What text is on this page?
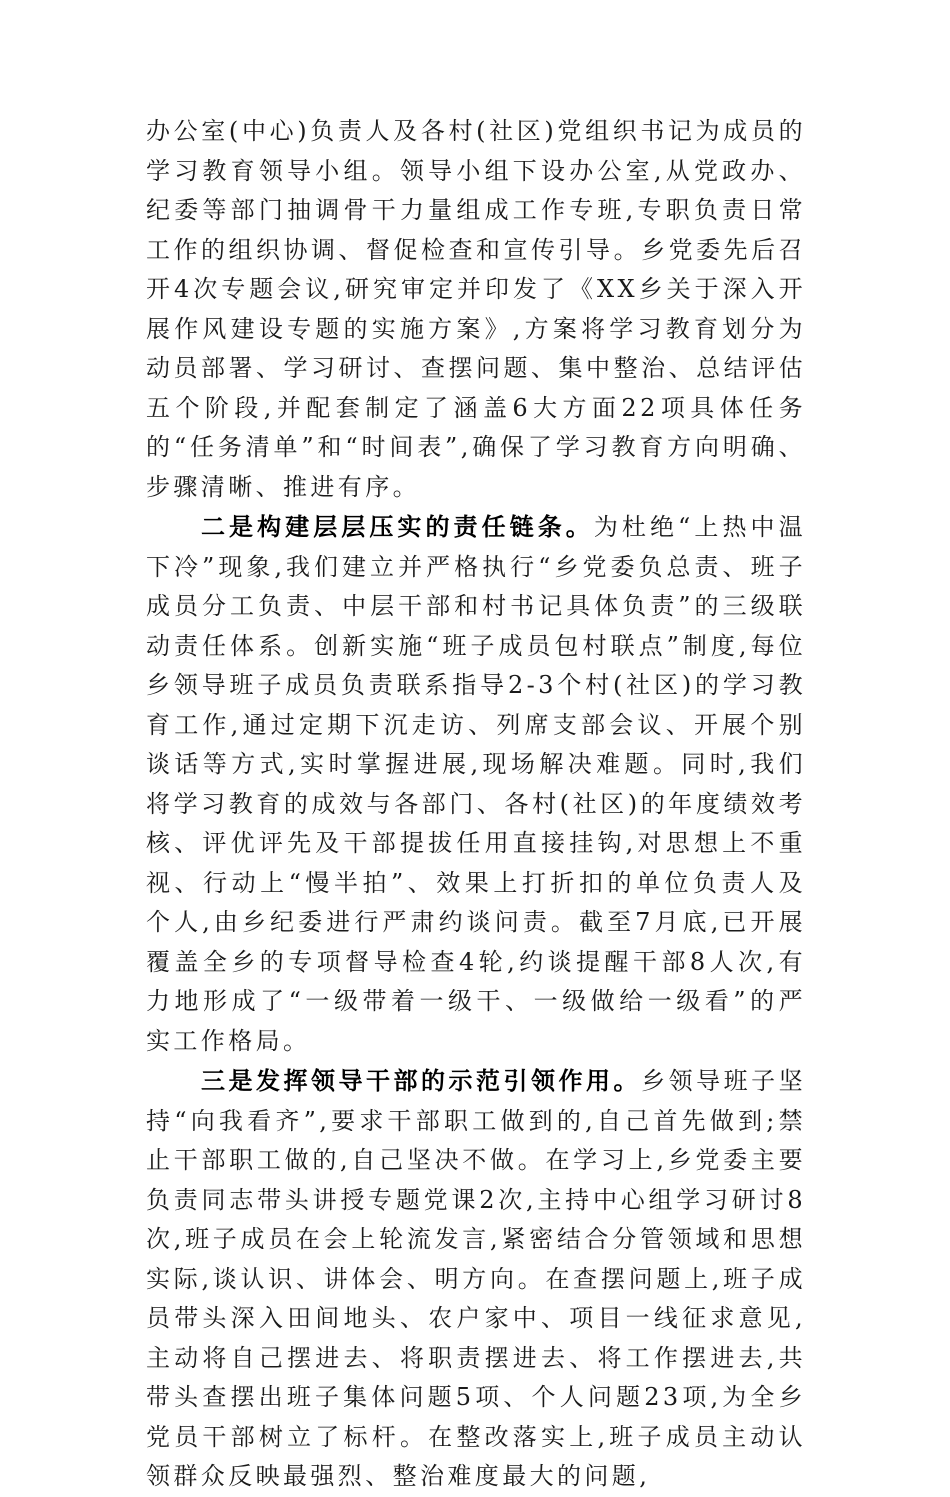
办公室(中心)负责人及各村(社区)党组织书记为成员的学习教育领导小组。领导小组下设办公室,从党政办、纪委等部门抽调骨干力量组成工作专班,专职负责日常工作的组织协调、督促检查和宣传引导。乡党委先后召开4次专题会议,研究审定并印发了《XX乡关于深入开展作风建设专题的实施方案》,方案将学习教育划分为动员部署、学习研讨、查摆问题、集中整治、总结评估五个阶段,并配套制定了涵盖6大方面22项具体任务的“任务清单”和“时间表”,确保了学习教育方向明确、步骤清晰、推进有序。

二是构建层层压实的责任链条。为杜绝“上热中温下冷”现象,我们建立并严格执行“乡党委负总责、班子成员分工负责、中层干部和村书记具体负责”的三级联动责任体系。创新实施“班子成员包村联点”制度,每位乡领导班子成员负责联系指导2-3个村(社区)的学习教育工作,通过定期下沉走访、列席支部会议、开展个别谈话等方式,实时掌握进展,现场解决难题。同时,我们将学习教育的成效与各部门、各村(社区)的年度绩效考核、评优评先及干部提拔任用直接挂钩,对思想上不重视、行动上“慢半拍”、效果上打折扣的单位负责人及个人,由乡纪委进行严肃约谈问责。截至7月底,已开展覆盖全乡的专项督导检查4轮,约谈提醒干部8人次,有力地形成了“一级带着一级干、一级做给一级看”的严实工作格局。

三是发挥领导干部的示范引领作用。乡领导班子坚持“向我看齐”,要求干部职工做到的,自己首先做到;禁止干部职工做的,自己坚决不做。在学习上,乡党委主要负责同志带头讲授专题党课2次,主持中心组学习研讨8次,班子成员在会上轮流发言,紧密结合分管领域和思想实际,谈认识、讲体会、明方向。在查摆问题上,班子成员带头深入田间地头、农户家中、项目一线征求意见,主动将自己摆进去、将职责摆进去、将工作摆进去,共带头查摆出班子集体问题5项、个人问题23项,为全乡党员干部树立了标杆。在整改落实上,班子成员主动认领群众反映最强烈、整治难度最大的问题,
